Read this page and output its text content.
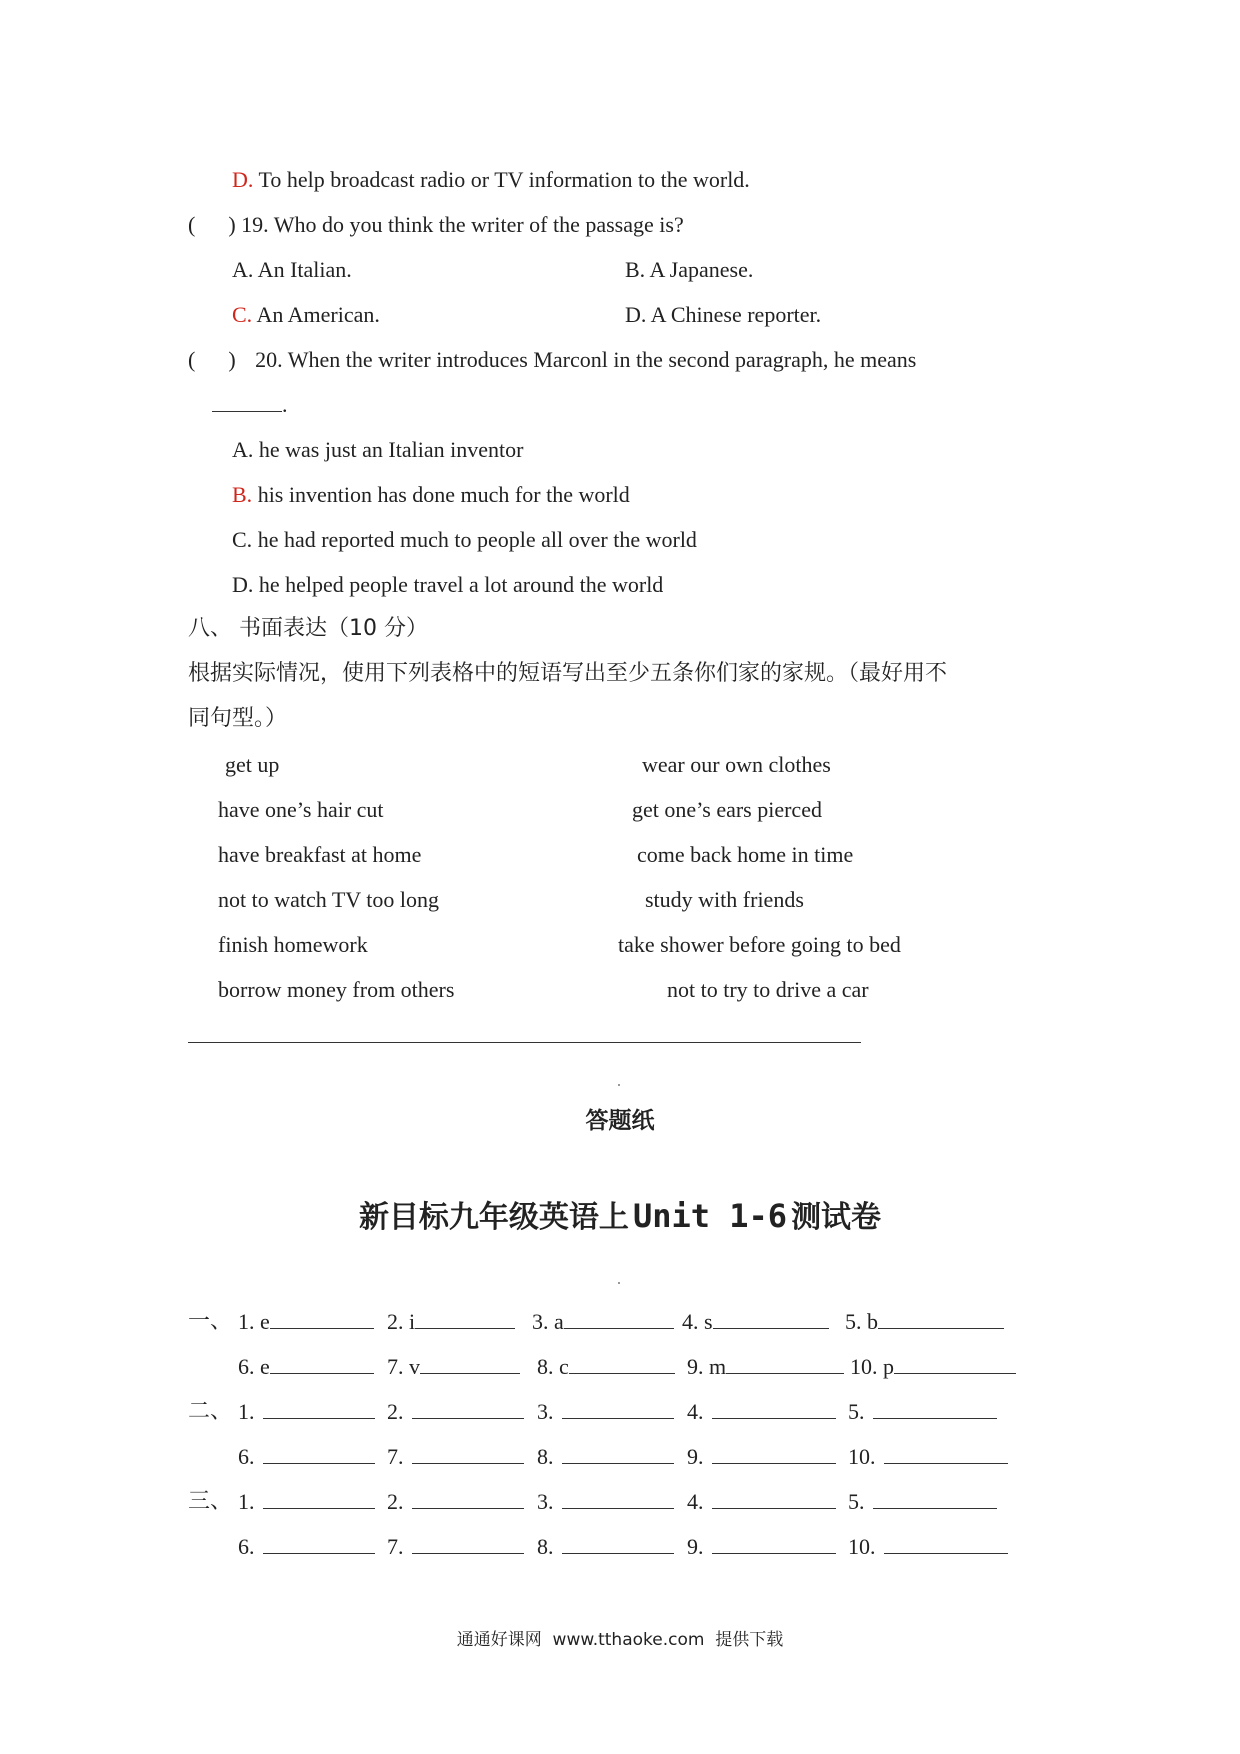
D. To help broadcast radio or TV information to the world.
(      ) 19. Who do you think the writer of the passage is?
A. An Italian.	B. A Japanese.
C. An American.	D. A Chinese reporter.
(      ) 20. When the writer introduces Marconl in the second paragraph, he means
.
A. he was just an Italian inventor
B. his invention has done much for the world
C. he had reported much to people all over the world
D. he helped people travel a lot around the world
八、 书面表达（10 分）
根据实际情况，使用下列表格中的短语写出至少五条你们家的家规。（最好用不
同句型。）
get up	wear our own clothes
have one’s hair cut	get one’s ears pierced
have breakfast at home	come back home in time
not to watch TV too long	study with friends
finish homework	take shower before going to bed
borrow money from others	not to try to drive a car
答题纸
新目标九年级英语上 Unit 1-6 测试卷
一、 1. e	2. i	3. a	4. s	5. b
6. e	7. v	8. c	9. m	10. p
二、 1.	2.	3.	4.	5.
6.	7.	8.	9.	10.
三、 1.	2.	3.	4.	5.
6.	7.	8.	9.	10.
通通好课网  www.tthaoke.com  提供下载
